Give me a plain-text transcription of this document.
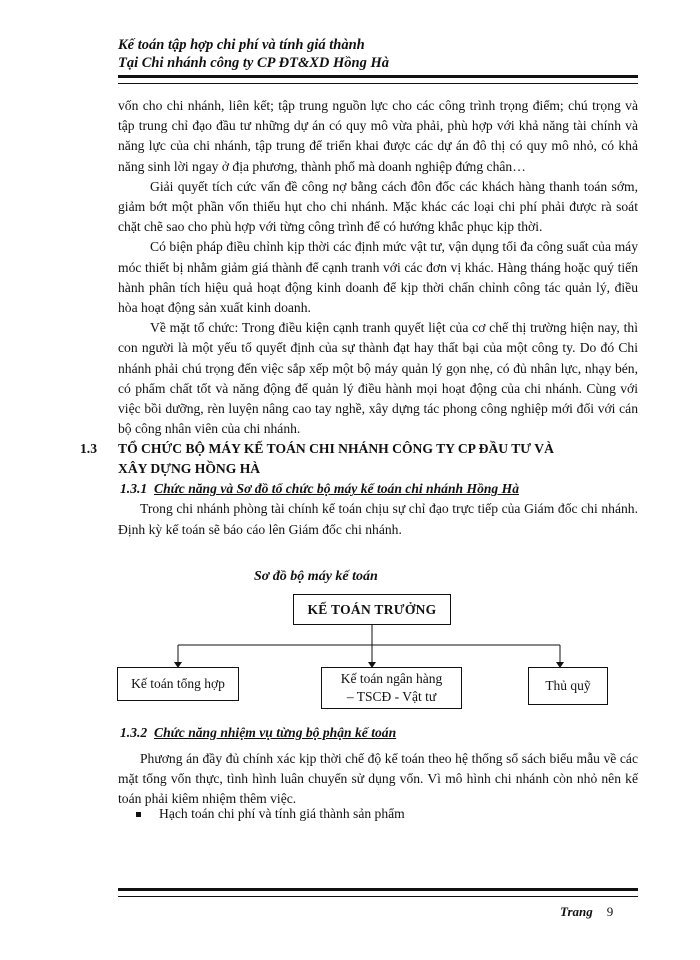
Kế toán tập hợp chi phí và tính giá thành
Tại Chi nhánh công ty CP ĐT&XD Hồng Hà

vốn cho chi nhánh, liên kết; tập trung nguồn lực cho các công trình trọng điểm; chú trọng và tập trung chỉ đạo đầu tư những dự án có quy mô vừa phải, phù hợp với khả năng tài chính và năng lực của chi nhánh, tập trung để triển khai được các dự án đô thị có quy mô nhỏ, có khả năng sinh lời ngay ở địa phương, thành phố mà doanh nghiệp đứng chân…

Giải quyết tích cức vấn đề công nợ bằng cách đôn đốc các khách hàng thanh toán sớm, giảm bớt một phần vốn thiếu hụt cho chi nhánh. Mặc khác các loại chi phí phải được rà soát chặt chẽ sao cho phù hợp với từng công trình để có hướng khắc phục kịp thời.

Có biện pháp điều chỉnh kịp thời các định mức vật tư, vận dụng tối đa công suất của máy móc thiết bị nhằm giảm giá thành để cạnh tranh với các đơn vị khác. Hàng tháng hoặc quý tiến hành phân tích hiệu quả hoạt động kinh doanh để kịp thời chấn chỉnh công tác quản lý, điều hòa hoạt động sản xuất kinh doanh.

Về mặt tổ chức: Trong điều kiện cạnh tranh quyết liệt của cơ chế thị trường hiện nay, thì con người là một yếu tố quyết định của sự thành đạt hay thất bại của một công ty. Do đó Chi nhánh phải chú trọng đến việc sắp xếp một bộ máy quản lý gọn nhẹ, có đủ nhân lực, nhạy bén, có phẩm chất tốt và năng động để quản lý điều hành mọi hoạt động của chi nhánh. Cùng với việc bồi dưỡng, rèn luyện nâng cao tay nghề, xây dựng tác phong công nghiệp mới đối với cán bộ công nhân viên của chi nhánh.

1.3 TỔ CHỨC BỘ MÁY KẾ TOÁN CHI NHÁNH CÔNG TY CP ĐẦU TƯ VÀ
XÂY DỰNG HỒNG HÀ

1.3.1 Chức năng và Sơ đồ tổ chức bộ máy kế toán chi nhánh Hồng Hà

Trong chi nhánh phòng tài chính kế toán chịu sự chỉ đạo trực tiếp của Giám đốc chi nhánh. Định kỳ kế toán sẽ báo cáo lên Giám đốc chi nhánh.

Sơ đồ bộ máy kế toán
KẾ TOÁN TRƯỞNG
Kế toán tổng hợp	Kế toán ngân hàng
– TSCĐ - Vật tư
Thủ quỹ

1.3.2 Chức năng nhiệm vụ từng bộ phận kế toán

Phương án đầy đủ chính xác kịp thời chế độ kế toán theo hệ thống sổ sách biểu mẫu về các mặt tổng vốn thực, tình hình luân chuyển sử dụng vốn. Vì mô hình chi nhánh còn nhỏ nên kế toán phải kiêm nhiệm thêm việc.

Hạch toán chi phí và tính giá thành sản phẩm
Trang 9
